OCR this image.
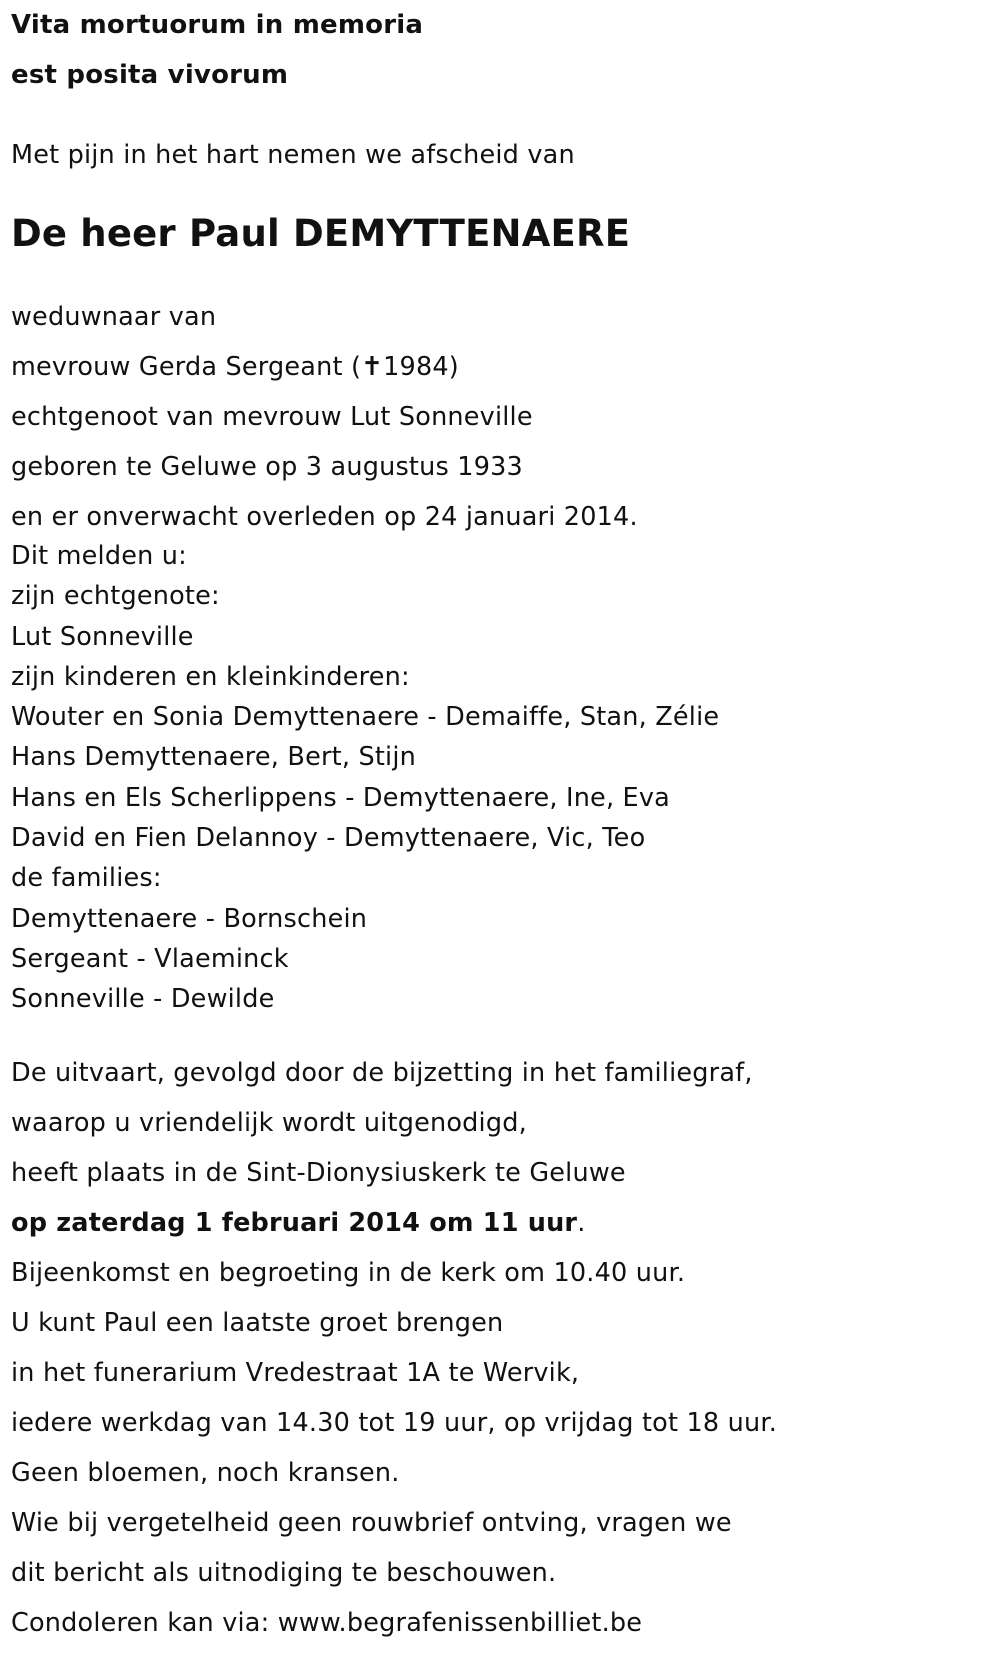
Vita mortuorum in memoria

est posita vivorum

Met pijn in het hart nemen we afscheid van

De heer Paul DEMYTTENAERE

weduwnaar van

mevrouw Gerda Sergeant (✝1984)

echtgenoot van mevrouw Lut Sonneville

geboren te Geluwe op 3 augustus 1933

en er onverwacht overleden op 24 januari 2014.

Dit melden u:

zijn echtgenote:

Lut Sonneville

zijn kinderen en kleinkinderen:

Wouter en Sonia Demyttenaere - Demaiffe, Stan, Zélie

Hans Demyttenaere, Bert, Stijn

Hans en Els Scherlippens - Demyttenaere, Ine, Eva

David en Fien Delannoy - Demyttenaere, Vic, Teo

de families:

Demyttenaere - Bornschein

Sergeant - Vlaeminck

Sonneville - Dewilde

De uitvaart, gevolgd door de bijzetting in het familiegraf,

waarop u vriendelijk wordt uitgenodigd,

heeft plaats in de Sint-Dionysiuskerk te Geluwe

op zaterdag 1 februari 2014 om 11 uur.

Bijeenkomst en begroeting in de kerk om 10.40 uur.

U kunt Paul een laatste groet brengen

in het funerarium Vredestraat 1A te Wervik,

iedere werkdag van 14.30 tot 19 uur, op vrijdag tot 18 uur.

Geen bloemen, noch kransen.

Wie bij vergetelheid geen rouwbrief ontving, vragen we

dit bericht als uitnodiging te beschouwen.

Condoleren kan via: www.begrafenissenbilliet.be
